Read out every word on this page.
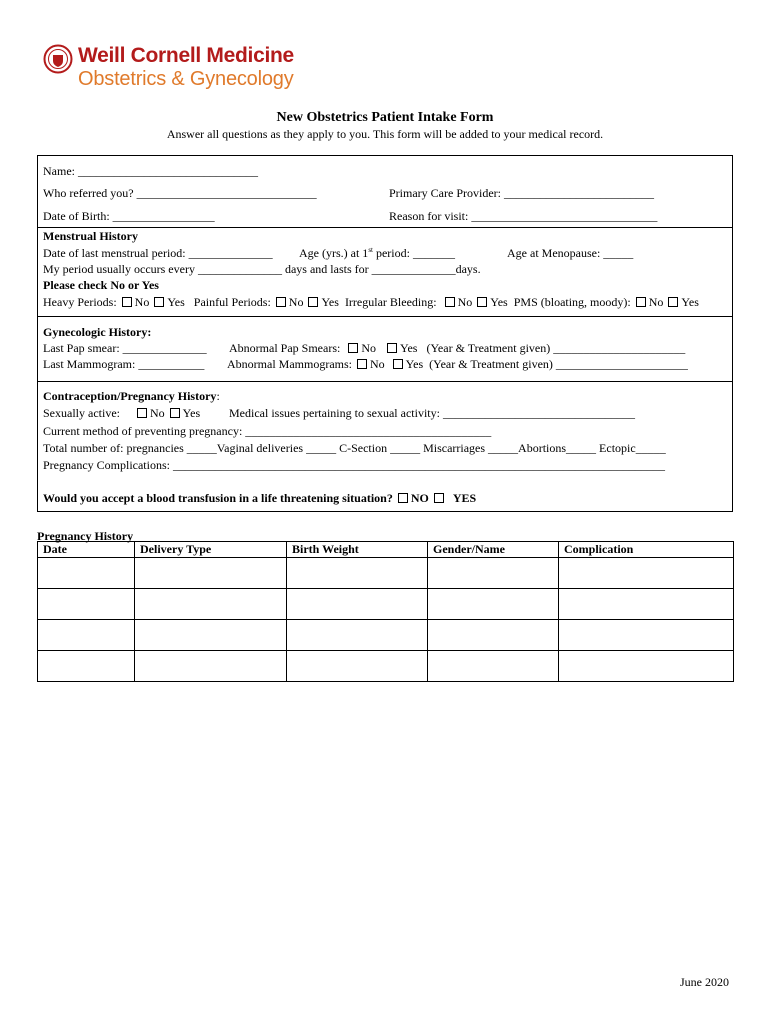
Weill Cornell Medicine
Obstetrics & Gynecology
New Obstetrics Patient Intake Form
Answer all questions as they apply to you. This form will be added to your medical record.
Name: ______________________________
Who referred you? ______________________________	Primary Care Provider: _________________________
Date of Birth: _________________	Reason for visit: _______________________________
Menstrual History
Date of last menstrual period: ______________ Age (yrs.) at 1st period: _______	Age at Menopause: _____
My period usually occurs every ______________ days and lasts for ______________days.
Please check No or Yes
Heavy Periods: No Yes Painful Periods: No Yes Irregular Bleeding: No Yes PMS (bloating, moody): No Yes
Gynecologic History:
Last Pap smear: ______________ Abnormal Pap Smears: No Yes (Year & Treatment given) ______________________
Last Mammogram: ___________ Abnormal Mammograms: No Yes (Year & Treatment given) ______________________
Contraception/Pregnancy History:
Sexually active:	No Yes Medical issues pertaining to sexual activity: ________________________________
Current method of preventing pregnancy: _________________________________________
Total number of: pregnancies _____Vaginal deliveries _____ C-Section _____ Miscarriages _____Abortions_____ Ectopic_____
Pregnancy Complications: __________________________________________________________________________________
Would you accept a blood transfusion in a life threatening situation? NO YES
Pregnancy History
Date	Delivery Type	Birth Weight	Gender/Name	Complication

June 2020
